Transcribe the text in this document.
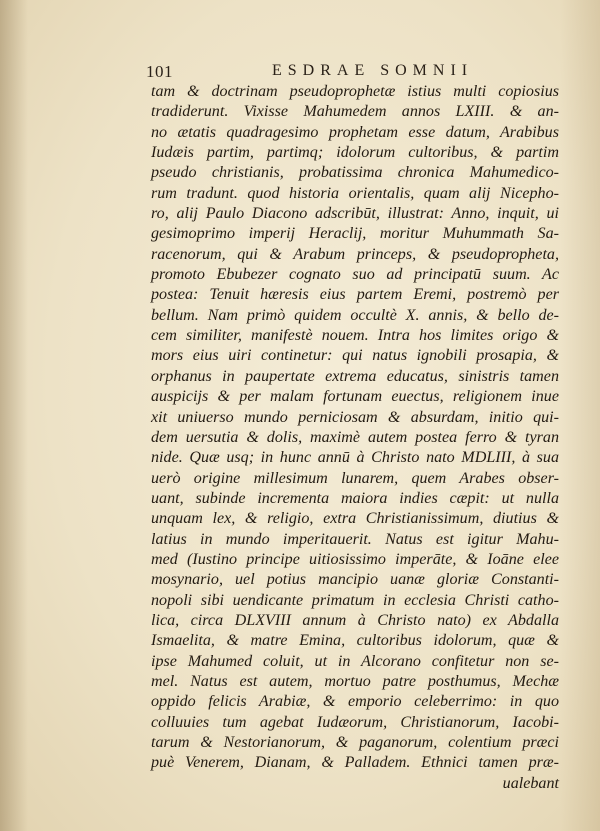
101	ESDRAE SOMNII
tam & doctrinam pseudoprophetæ istius multi copiosius
tradiderunt. Vixisse Mahumedem annos LXIII. & an-
no ætatis quadragesimo prophetam esse datum, Arabibus
Iudæis partim, partimq; idolorum cultoribus, & partim
pseudo christianis, probatissima chronica Mahumedico-
rum tradunt. quod historia orientalis, quam alij Nicepho-
ro, alij Paulo Diacono adscribūt, illustrat: Anno, inquit, ui
gesimoprimo imperij Heraclij, moritur Muhummath Sa-
racenorum, qui & Arabum princeps, & pseudopropheta,
promoto Ebubezer cognato suo ad principatū suum. Ac
postea: Tenuit hæresis eius partem Eremi, postremò per
bellum. Nam primò quidem occultè X. annis, & bello de-
cem similiter, manifestè nouem. Intra hos limites origo &
mors eius uiri continetur: qui natus ignobili prosapia, &
orphanus in paupertate extrema educatus, sinistris tamen
auspicijs & per malam fortunam euectus, religionem inue
xit uniuerso mundo perniciosam & absurdam, initio qui-
dem uersutia & dolis, maximè autem postea ferro & tyran
nide. Quæ usq; in hunc annū à Christo nato MDLIII, à sua
uerò origine millesimum lunarem, quem Arabes obser-
uant, subinde incrementa maiora indies cæpit: ut nulla
unquam lex, & religio, extra Christianissimum, diutius &
latius in mundo imperitauerit. Natus est igitur Mahu-
med (Iustino principe uitiosissimo imperāte, & Ioāne elee
mosynario, uel potius mancipio uanæ gloriæ Constanti-
nopoli sibi uendicante primatum in ecclesia Christi catho-
lica, circa DLXVIII annum à Christo nato) ex Abdalla
Ismaelita, & matre Emina, cultoribus idolorum, quæ &
ipse Mahumed coluit, ut in Alcorano confitetur non se-
mel. Natus est autem, mortuo patre posthumus, Mechæ
oppido felicis Arabiæ, & emporio celeberrimo: in quo
colluuies tum agebat Iudæorum, Christianorum, Iacobi-
tarum & Nestorianorum, & paganorum, colentium præci
puè Venerem, Dianam, & Palladem. Ethnici tamen præ-
ualebant
